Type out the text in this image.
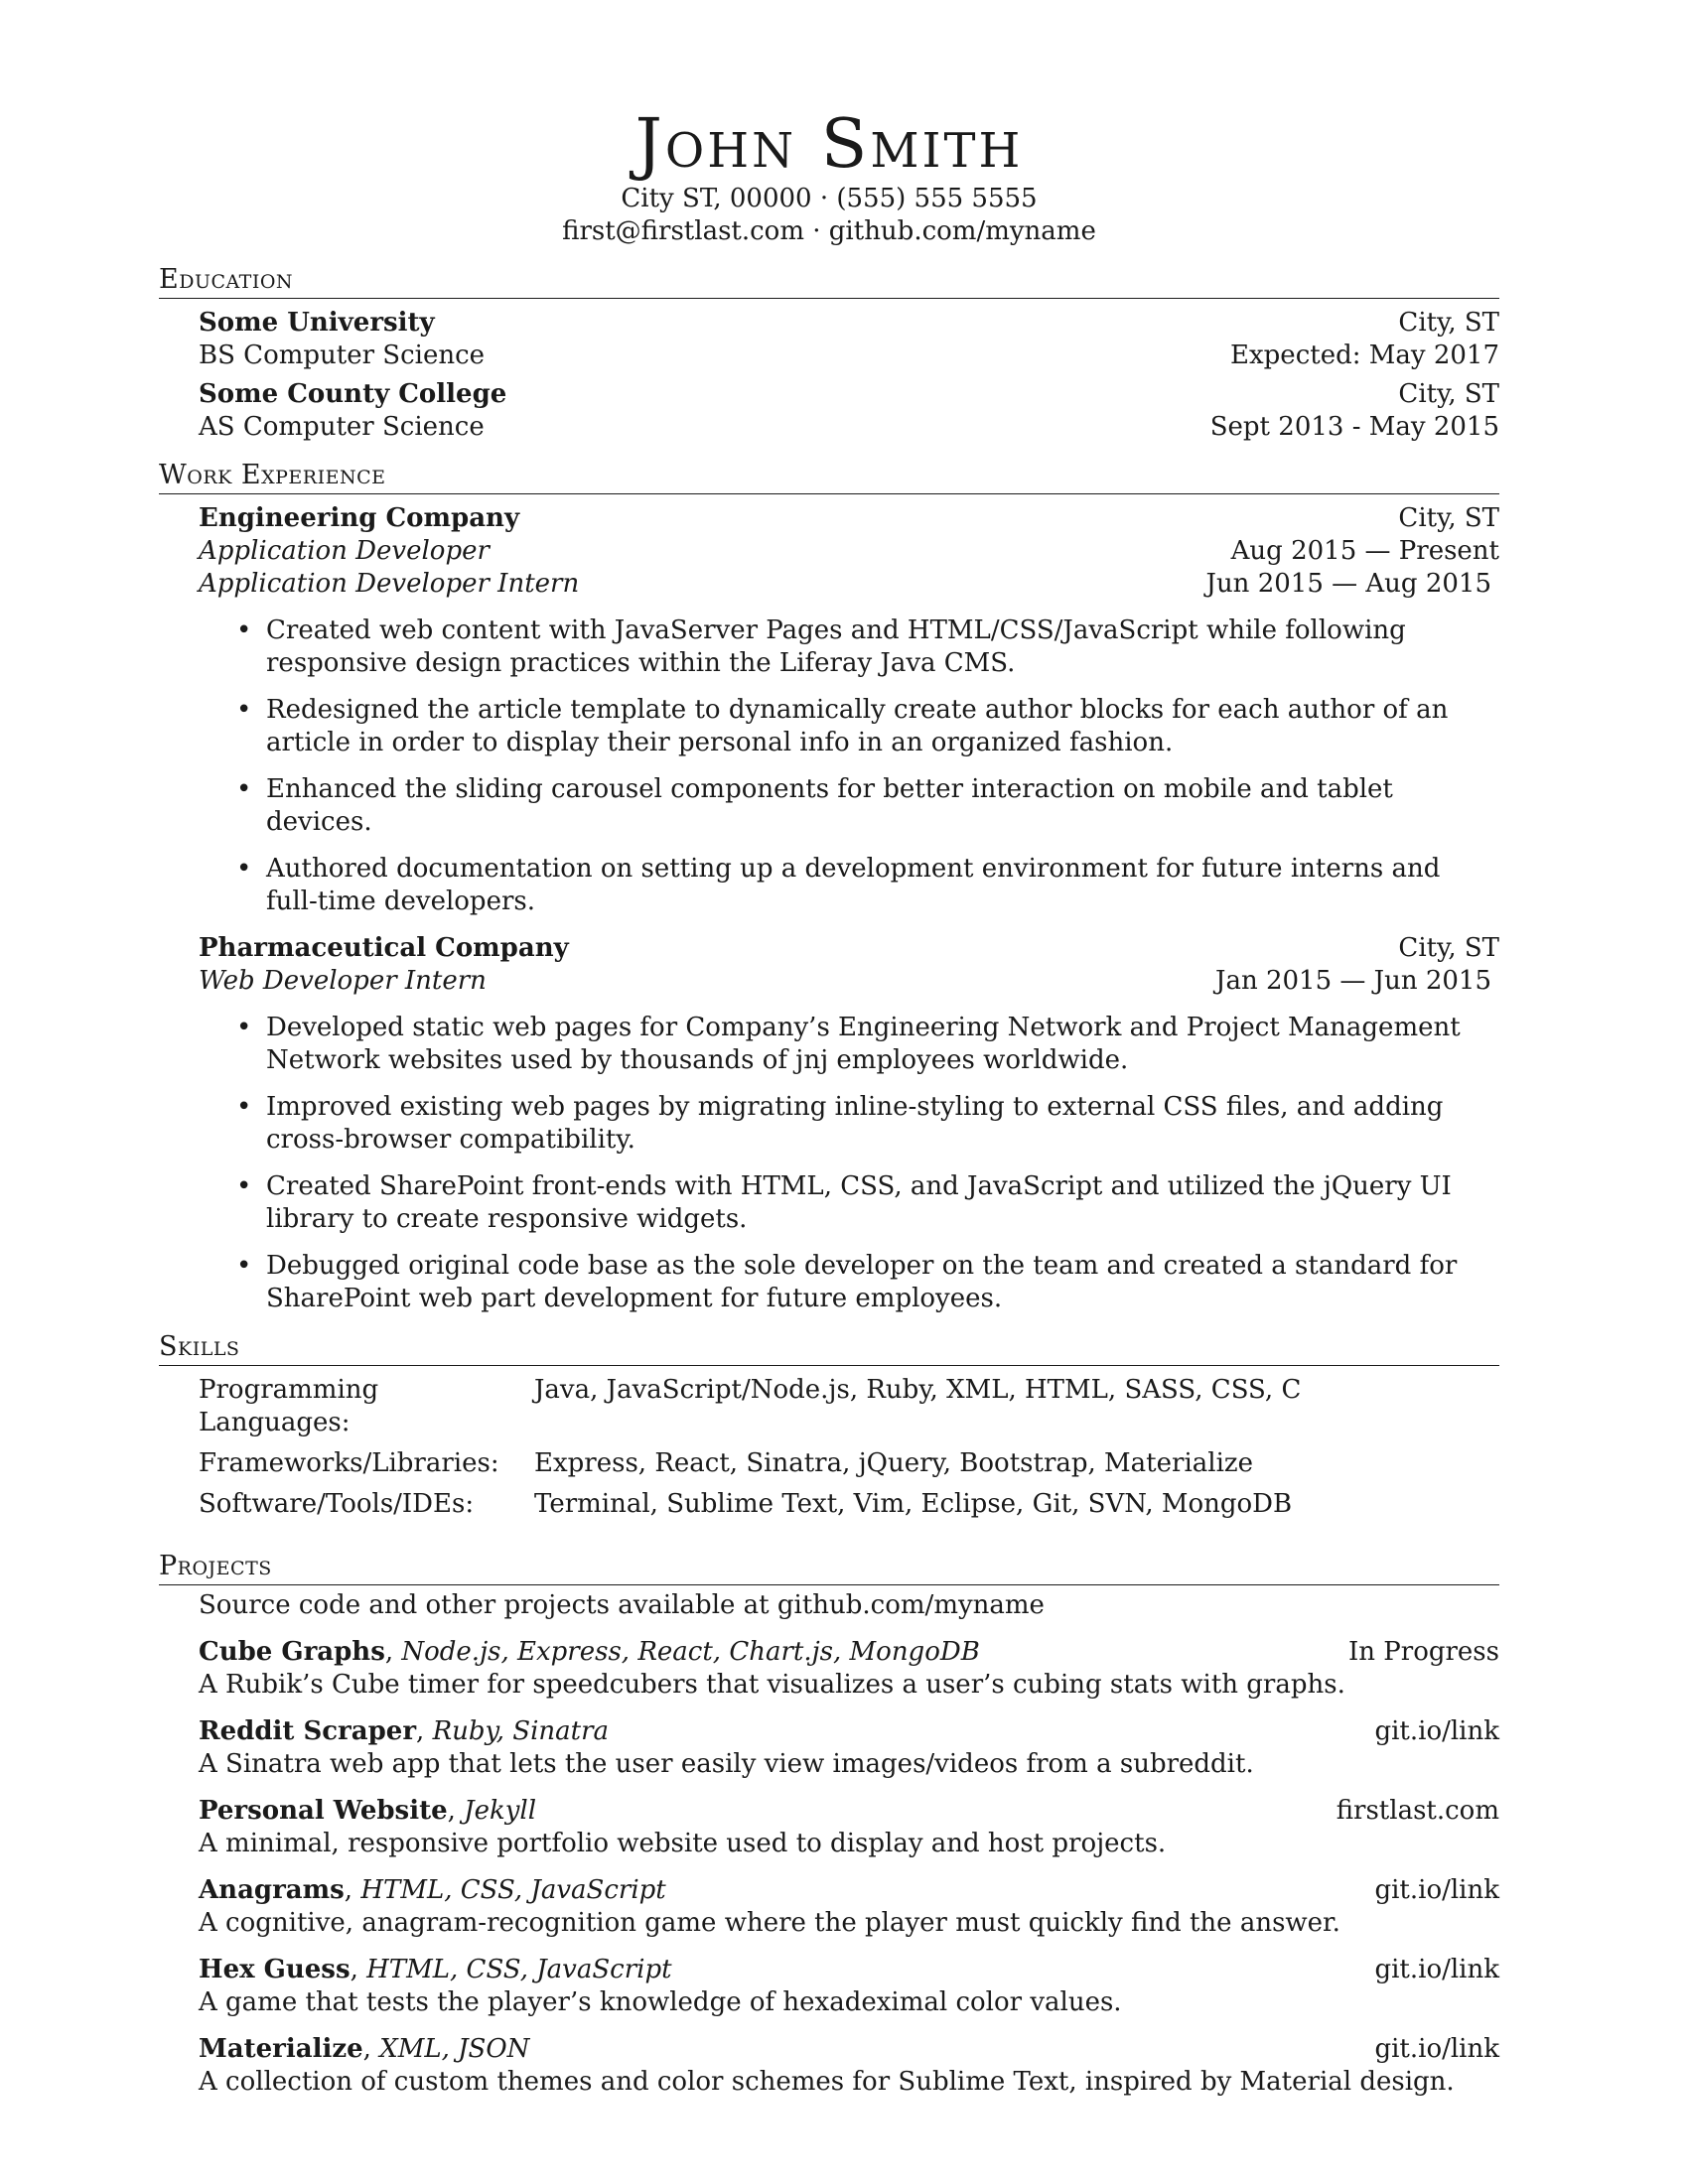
John Smith
City ST, 00000 · (555) 555 5555
first@firstlast.com · github.com/myname
Education
Some University	City, ST
BS Computer Science	Expected: May 2017
Some County College	City, ST
AS Computer Science	Sept 2013 - May 2015
Work Experience
Engineering Company	City, ST
Application Developer	Aug 2015 — Present
Application Developer Intern	Jun 2015 — Aug 2015
• Created web content with JavaServer Pages and HTML/CSS/JavaScript while following responsive design practices within the Liferay Java CMS.
• Redesigned the article template to dynamically create author blocks for each author of an article in order to display their personal info in an organized fashion.
• Enhanced the sliding carousel components for better interaction on mobile and tablet devices.
• Authored documentation on setting up a development environment for future interns and full-time developers.
Pharmaceutical Company	City, ST
Web Developer Intern	Jan 2015 — Jun 2015
• Developed static web pages for Company’s Engineering Network and Project Management Network websites used by thousands of jnj employees worldwide.
• Improved existing web pages by migrating inline-styling to external CSS files, and adding cross-browser compatibility.
• Created SharePoint front-ends with HTML, CSS, and JavaScript and utilized the jQuery UI library to create responsive widgets.
• Debugged original code base as the sole developer on the team and created a standard for SharePoint web part development for future employees.
Skills
Programming Languages:
Java, JavaScript/Node.js, Ruby, XML, HTML, SASS, CSS, C
Frameworks/Libraries:	Express, React, Sinatra, jQuery, Bootstrap, Materialize
Software/Tools/IDEs:	Terminal, Sublime Text, Vim, Eclipse, Git, SVN, MongoDB
Projects
Source code and other projects available at github.com/myname
Cube Graphs, Node.js, Express, React, Chart.js, MongoDB	In Progress
A Rubik’s Cube timer for speedcubers that visualizes a user’s cubing stats with graphs.
Reddit Scraper, Ruby, Sinatra	git.io/link
A Sinatra web app that lets the user easily view images/videos from a subreddit.
Personal Website, Jekyll	firstlast.com
A minimal, responsive portfolio website used to display and host projects.
Anagrams, HTML, CSS, JavaScript	git.io/link
A cognitive, anagram-recognition game where the player must quickly find the answer.
Hex Guess, HTML, CSS, JavaScript	git.io/link
A game that tests the player’s knowledge of hexadeximal color values.
Materialize, XML, JSON	git.io/link
A collection of custom themes and color schemes for Sublime Text, inspired by Material design.
